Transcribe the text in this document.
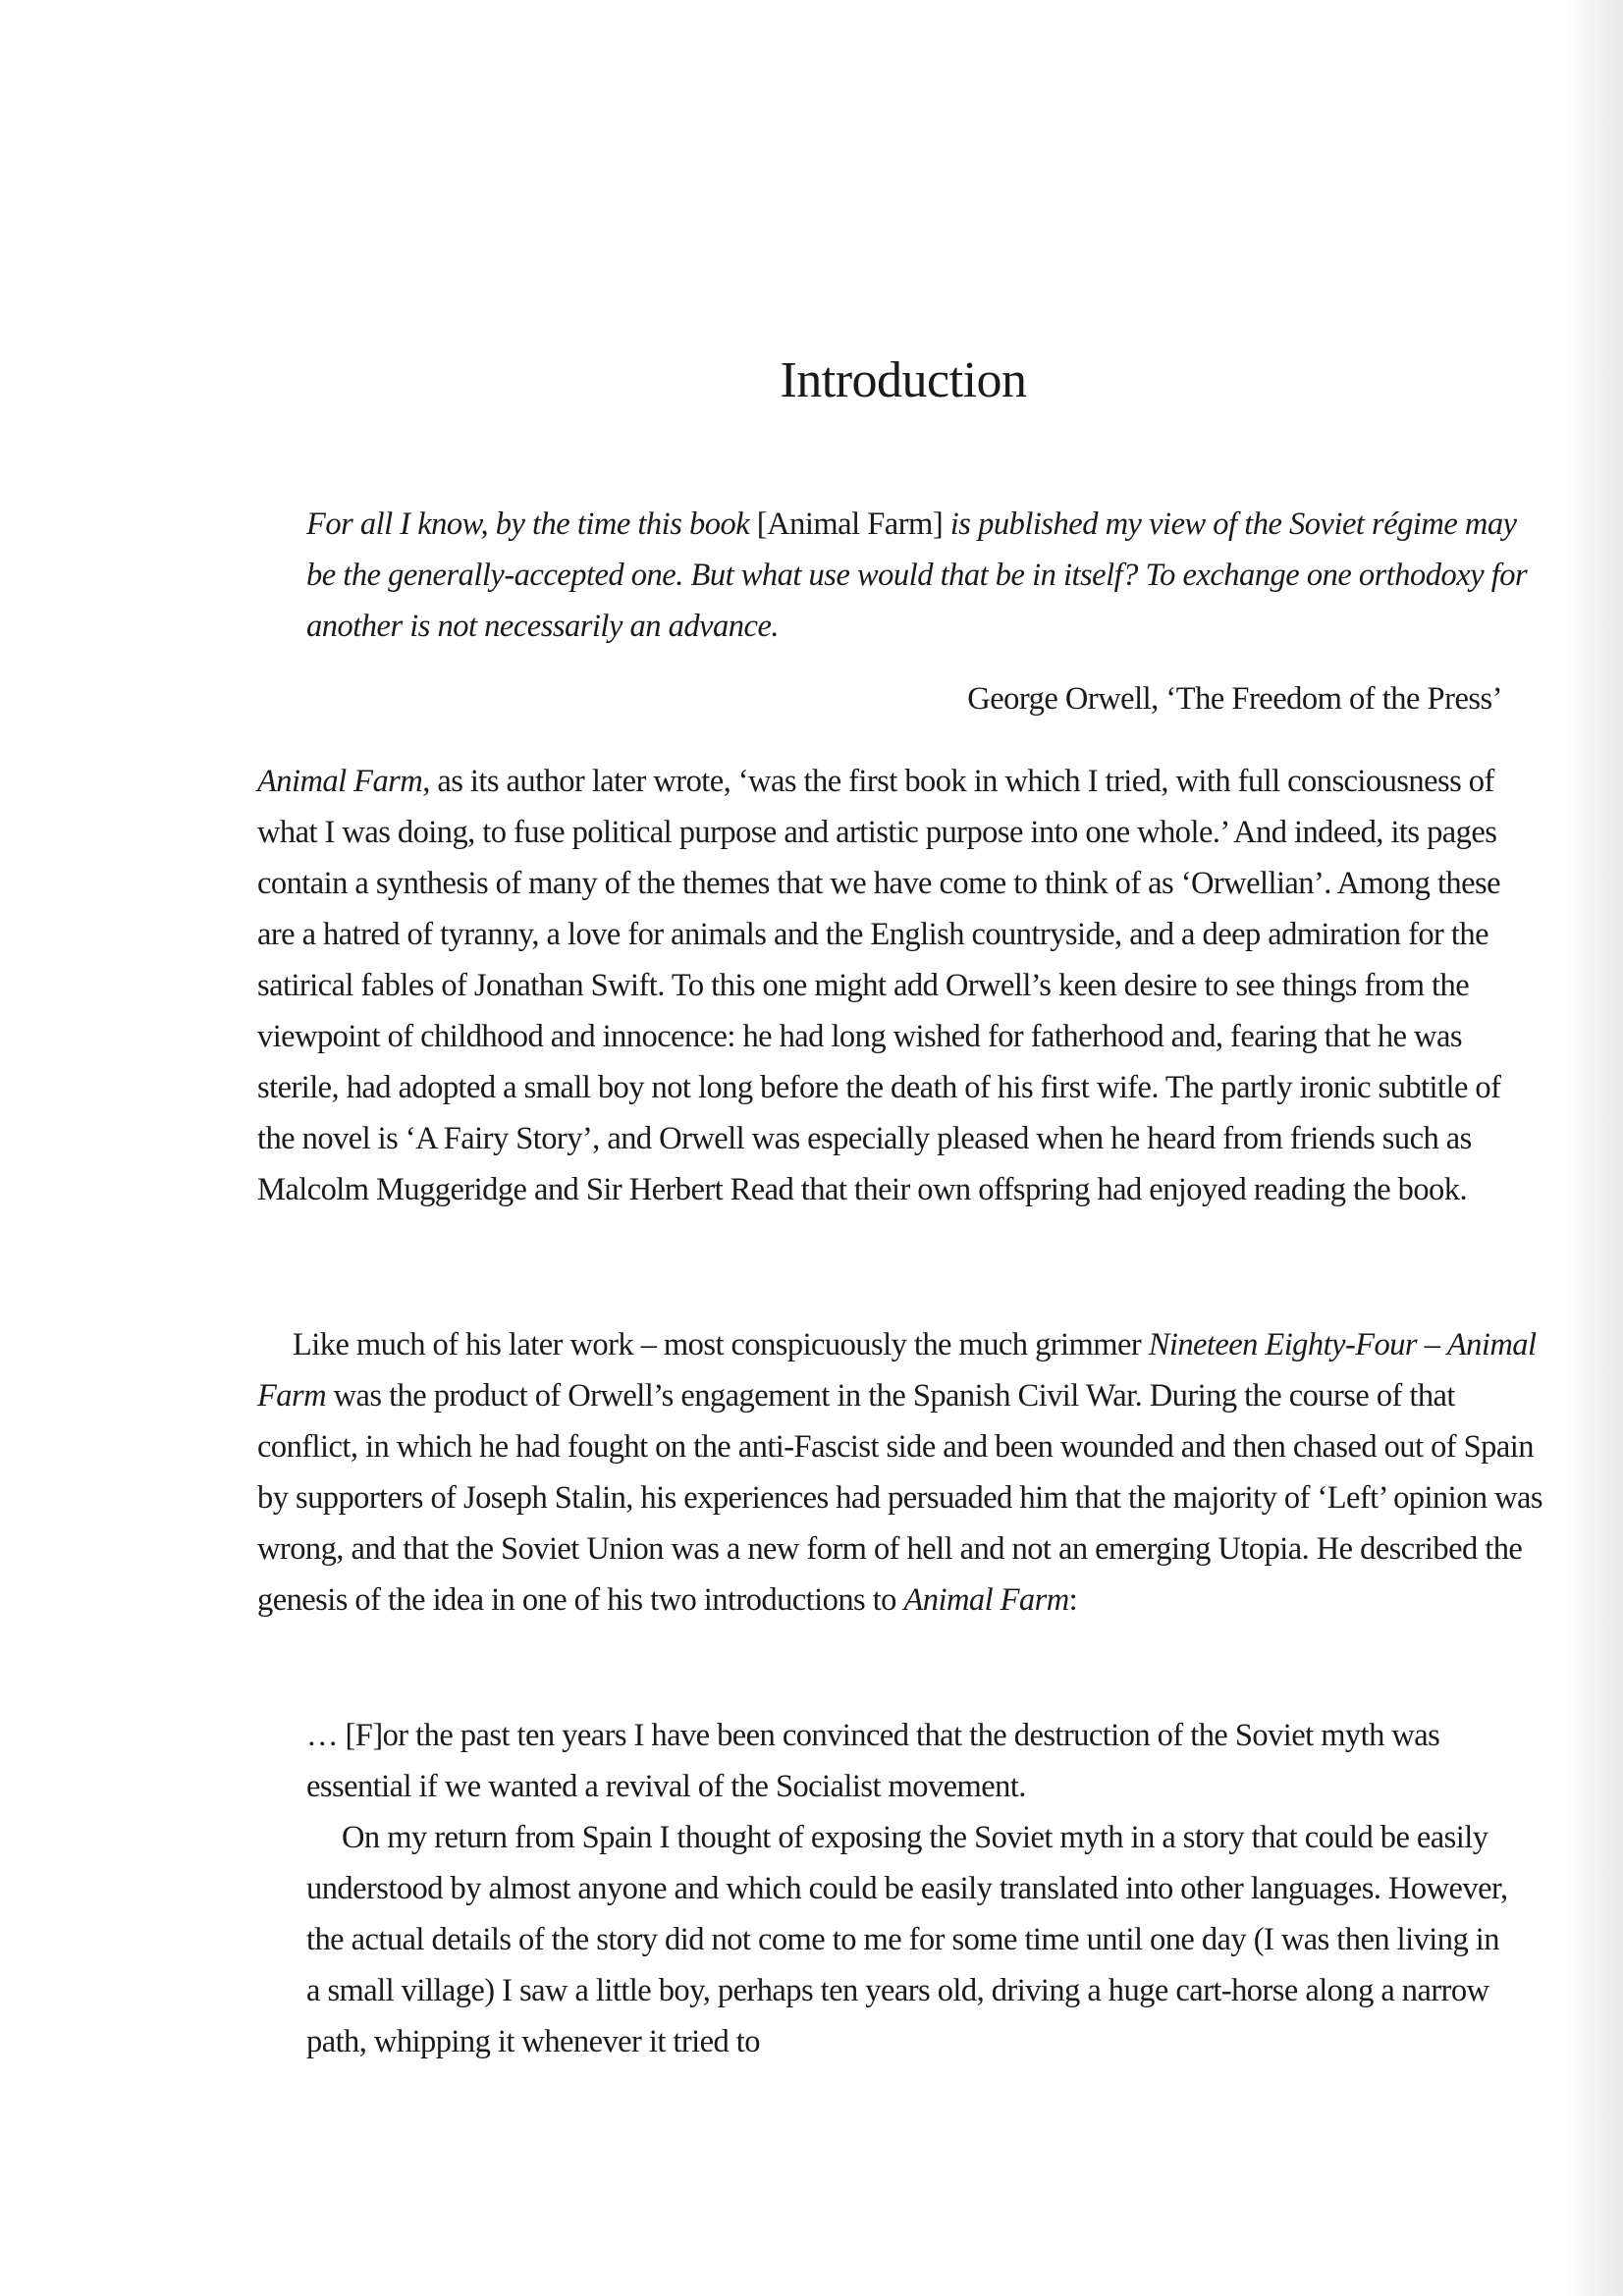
Introduction

For all I know, by the time this book [Animal Farm] is published my view of the Soviet régime may be the generally-accepted one. But what use would that be in itself? To exchange one orthodoxy for another is not necessarily an advance.

George Orwell, ‘The Freedom of the Press’

Animal Farm, as its author later wrote, ‘was the first book in which I tried, with full consciousness of what I was doing, to fuse political purpose and artistic purpose into one whole.’ And indeed, its pages contain a synthesis of many of the themes that we have come to think of as ‘Orwellian’. Among these are a hatred of tyranny, a love for animals and the English countryside, and a deep admiration for the satirical fables of Jonathan Swift. To this one might add Orwell’s keen desire to see things from the viewpoint of childhood and innocence: he had long wished for fatherhood and, fearing that he was sterile, had adopted a small boy not long before the death of his first wife. The partly ironic subtitle of the novel is ‘A Fairy Story’, and Orwell was especially pleased when he heard from friends such as Malcolm Muggeridge and Sir Herbert Read that their own offspring had enjoyed reading the book.

Like much of his later work – most conspicuously the much grimmer Nineteen Eighty-Four – Animal Farm was the product of Orwell’s engagement in the Spanish Civil War. During the course of that conflict, in which he had fought on the anti-Fascist side and been wounded and then chased out of Spain by supporters of Joseph Stalin, his experiences had persuaded him that the majority of ‘Left’ opinion was wrong, and that the Soviet Union was a new form of hell and not an emerging Utopia. He described the genesis of the idea in one of his two introductions to Animal Farm:

… [F]or the past ten years I have been convinced that the destruction of the Soviet myth was essential if we wanted a revival of the Socialist movement.

On my return from Spain I thought of exposing the Soviet myth in a story that could be easily understood by almost anyone and which could be easily translated into other languages. However, the actual details of the story did not come to me for some time until one day (I was then living in a small village) I saw a little boy, perhaps ten years old, driving a huge cart-horse along a narrow path, whipping it whenever it tried to
